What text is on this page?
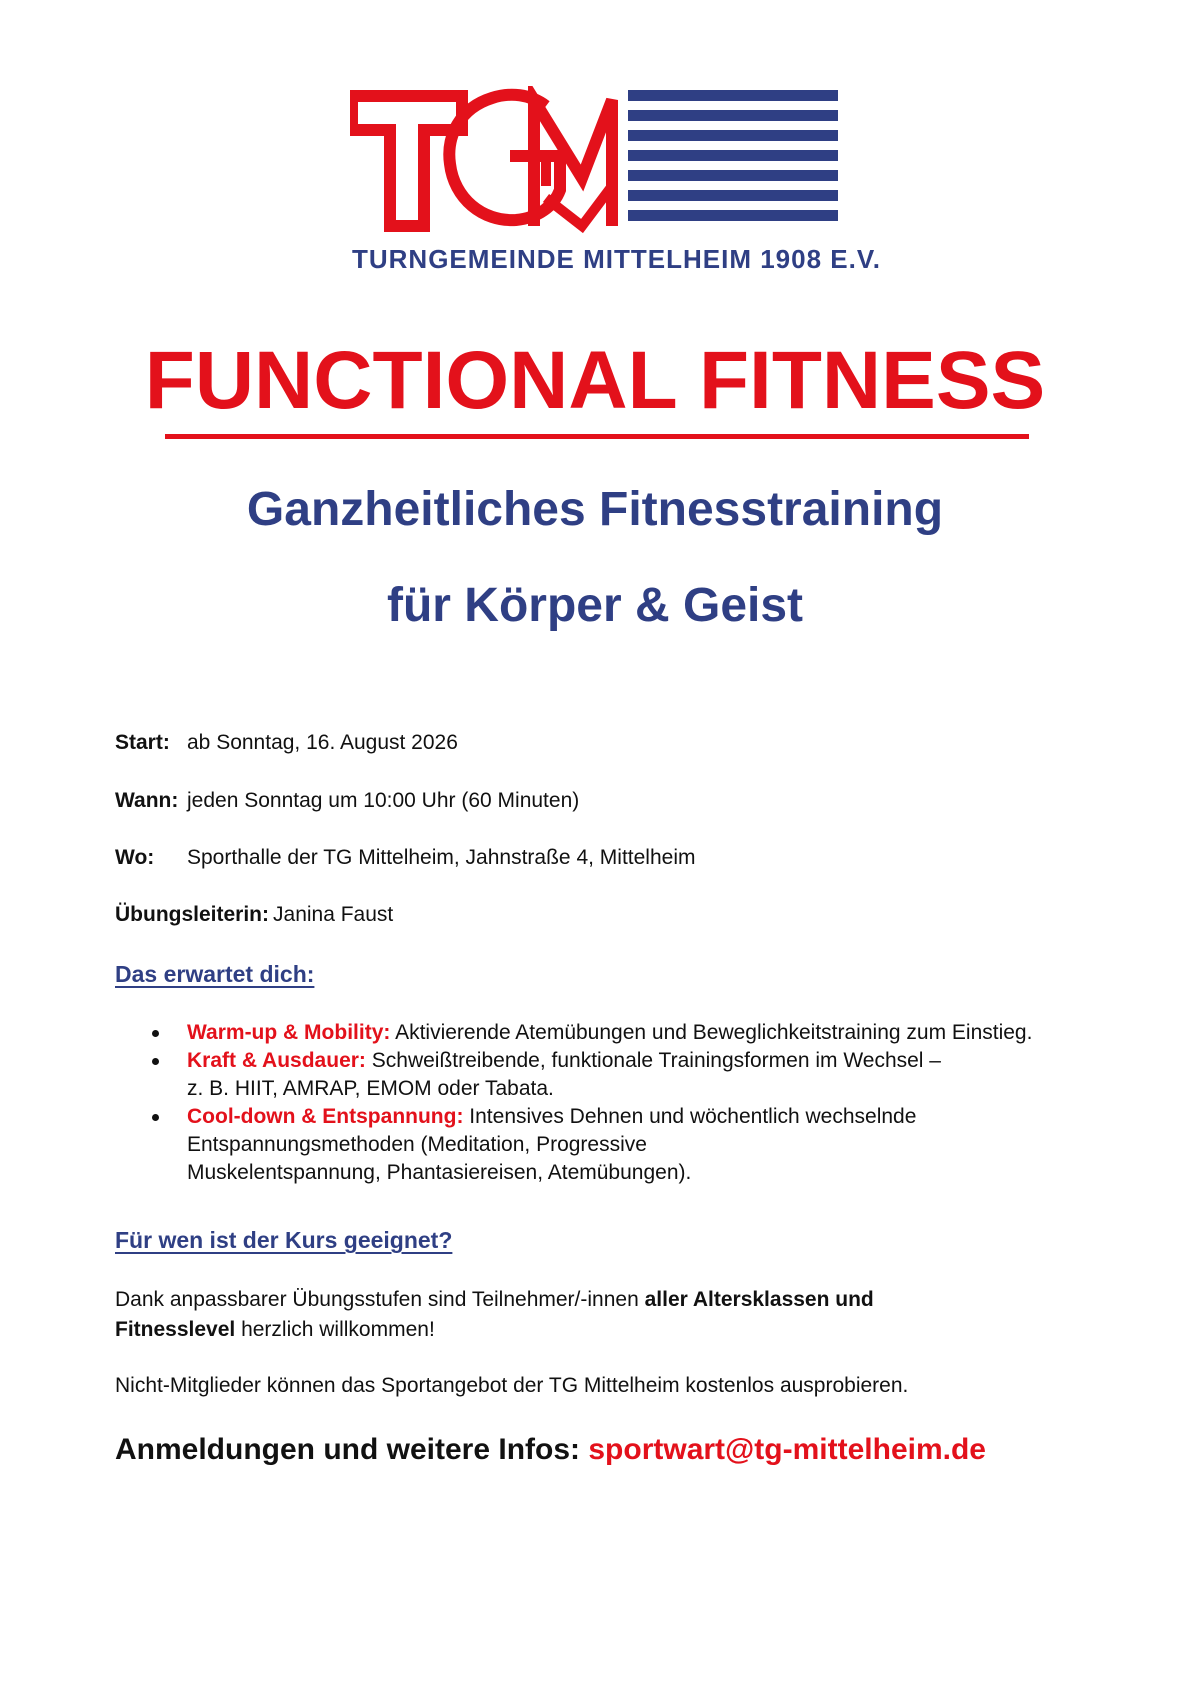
TURNGEMEINDE MITTELHEIM 1908 E.V.
FUNCTIONAL FITNESS
Ganzheitliches Fitnesstraining
für Körper & Geist
Start: ab Sonntag, 16. August 2026
Wann: jeden Sonntag um 10:00 Uhr (60 Minuten)
Wo: Sporthalle der TG Mittelheim, Jahnstraße 4, Mittelheim
Übungsleiterin: Janina Faust
Das erwartet dich:
Warm-up & Mobility: Aktivierende Atemübungen und Beweglichkeitstraining zum Einstieg.
Kraft & Ausdauer: Schweißtreibende, funktionale Trainingsformen im Wechsel –
z. B. HIIT, AMRAP, EMOM oder Tabata.
Cool-down & Entspannung: Intensives Dehnen und wöchentlich wechselnde
Entspannungsmethoden (Meditation, Progressive
Muskelentspannung, Phantasiereisen, Atemübungen).
Für wen ist der Kurs geeignet?
Dank anpassbarer Übungsstufen sind Teilnehmer/-innen aller Altersklassen und
Fitnesslevel herzlich willkommen!
Nicht-Mitglieder können das Sportangebot der TG Mittelheim kostenlos ausprobieren.
Anmeldungen und weitere Infos: sportwart@tg-mittelheim.de
